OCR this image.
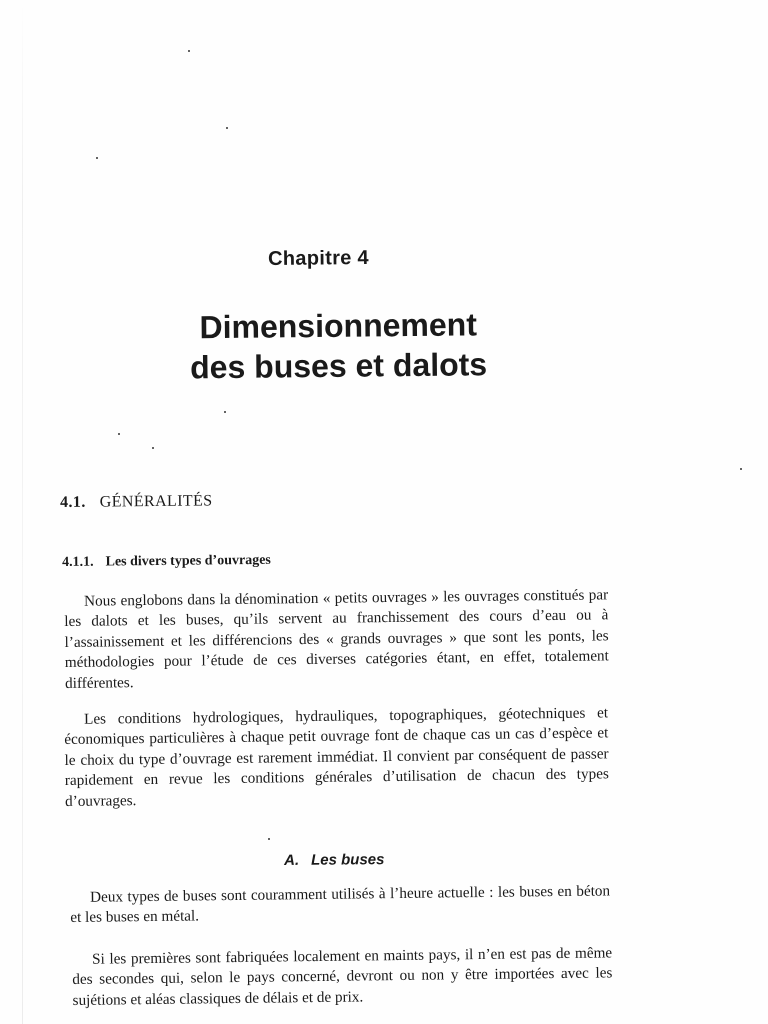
Chapitre 4
Dimensionnement
des buses et dalots
4.1. GÉNÉRALITÉS
4.1.1. Les divers types d’ouvrages

Nous englobons dans la dénomination « petits ouvrages » les ouvrages constitués par les dalots et les buses, qu’ils servent au franchissement des cours d’eau ou à l’assainissement et les différencions des « grands ouvrages » que sont les ponts, les méthodologies pour l’étude de ces diverses catégories étant, en effet, totalement différentes.

Les conditions hydrologiques, hydrauliques, topographiques, géotechniques et économiques particulières à chaque petit ouvrage font de chaque cas un cas d’espèce et le choix du type d’ouvrage est rarement immédiat. Il convient par conséquent de passer rapidement en revue les conditions générales d’utilisation de chacun des types d’ouvrages.

A. Les buses

Deux types de buses sont couramment utilisés à l’heure actuelle : les buses en béton et les buses en métal.

Si les premières sont fabriquées localement en maints pays, il n’en est pas de même des secondes qui, selon le pays concerné, devront ou non y être importées avec les sujétions et aléas classiques de délais et de prix.
